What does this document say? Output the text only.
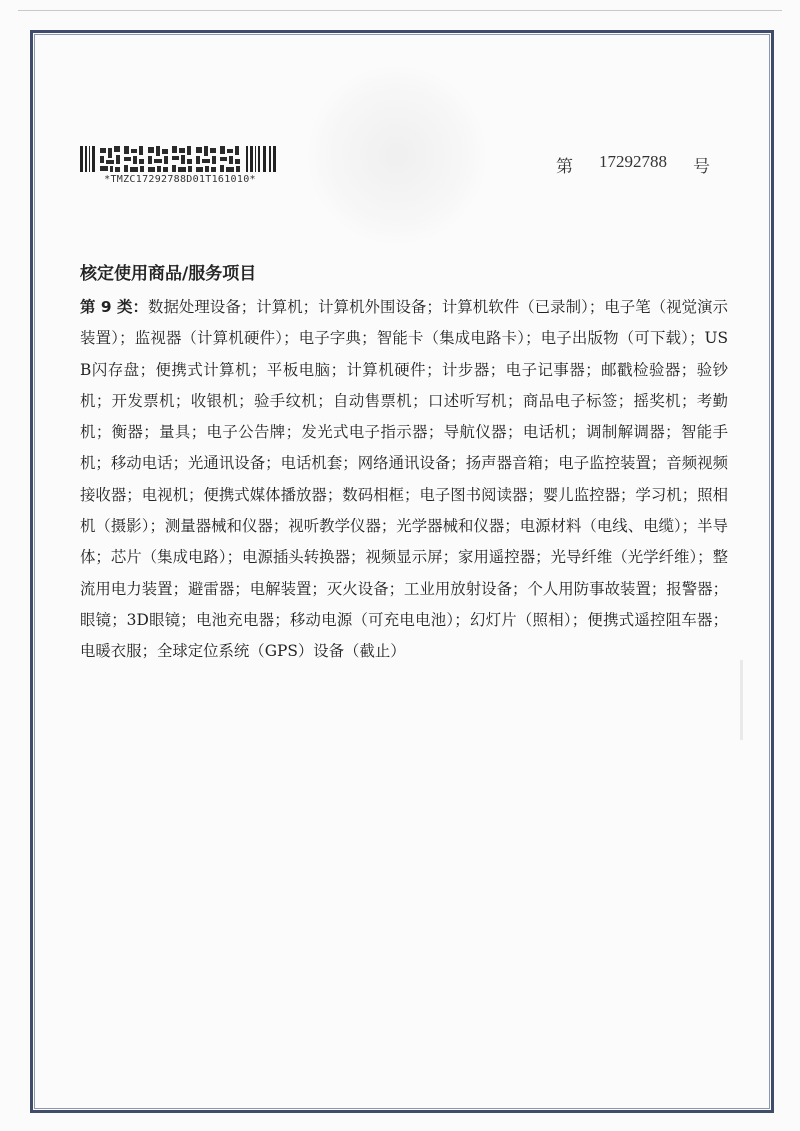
*TMZC17292788D01T161010*
第 17292788 号
核定使用商品/服务项目
第 9 类：数据处理设备；计算机；计算机外围设备；计算机软件（已录制）；电子笔（视觉演示装置）；监视器（计算机硬件）；电子字典；智能卡（集成电路卡）；电子出版物（可下载）；USB闪存盘；便携式计算机；平板电脑；计算机硬件；计步器；电子记事器；邮戳检验器；验钞机；开发票机；收银机；验手纹机；自动售票机；口述听写机；商品电子标签；摇奖机；考勤机；衡器；量具；电子公告牌；发光式电子指示器；导航仪器；电话机；调制解调器；智能手机；移动电话；光通讯设备；电话机套；网络通讯设备；扬声器音箱；电子监控装置；音频视频接收器；电视机；便携式媒体播放器；数码相框；电子图书阅读器；婴儿监控器；学习机；照相机（摄影）；测量器械和仪器；视听教学仪器；光学器械和仪器；电源材料（电线、电缆）；半导体；芯片（集成电路）；电源插头转换器；视频显示屏；家用遥控器；光导纤维（光学纤维）；整流用电力装置；避雷器；电解装置；灭火设备；工业用放射设备；个人用防事故装置；报警器；眼镜；3D眼镜；电池充电器；移动电源（可充电电池）；幻灯片（照相）；便携式遥控阻车器；电暖衣服；全球定位系统（GPS）设备（截止）
